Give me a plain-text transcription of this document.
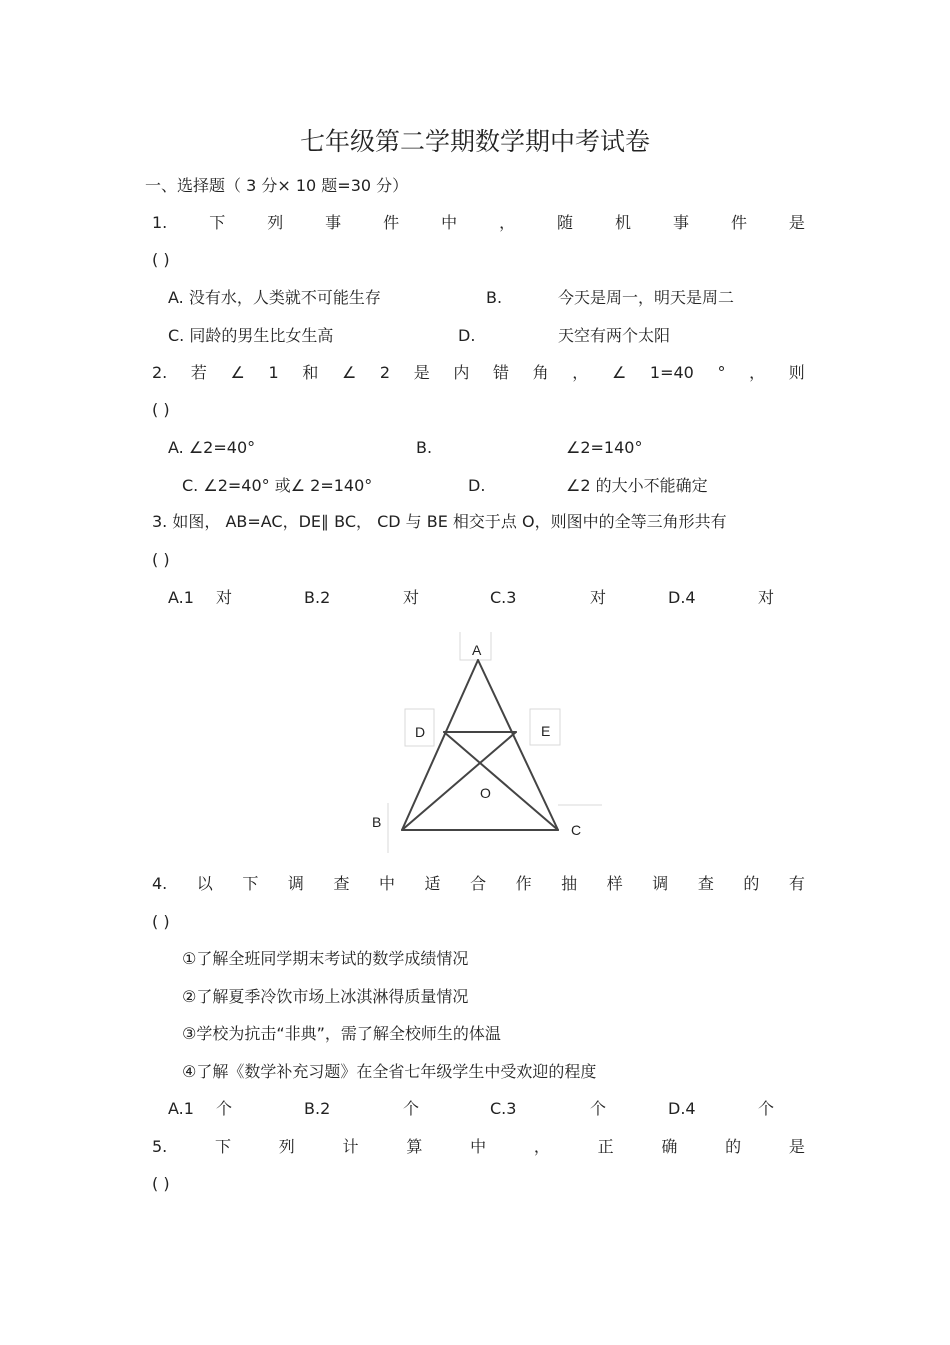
七年级第二学期数学期中考试卷
一、选择题（ 3 分× 10 题=30 分）
1.	下	列	事	件	中	，	随	机	事	件	是
( )
A. 没有水，人类就不可能生存	B.	今天是周一，明天是周二
C. 同龄的男生比女生高	D.	天空有两个太阳
2. 若 ∠ 1 和 ∠ 2 是 内 错 角 ， ∠ 1=40 ° ， 则
( )
A. ∠2=40°	B.	∠2=140°
C. ∠2=40° 或∠ 2=140°	D.	∠2 的大小不能确定
3. 如图， AB=AC，DE∥ BC， CD 与 BE 相交于点 O，则图中的全等三角形共有
( )
A.1 对	B.2	对	C.3	对	D.4	对
A
D	E
O
B	C
4. 以 下 调 查 中 适 合 作 抽 样 调 查 的 有
( )
①了解全班同学期末考试的数学成绩情况
②了解夏季冷饮市场上冰淇淋得质量情况
③学校为抗击“非典”，需了解全校师生的体温
④了解《数学补充习题》在全省七年级学生中受欢迎的程度
A.1 个	B.2	个	C.3	个	D.4	个
5.	下	列	计	算	中	，	正	确	的	是
( )
